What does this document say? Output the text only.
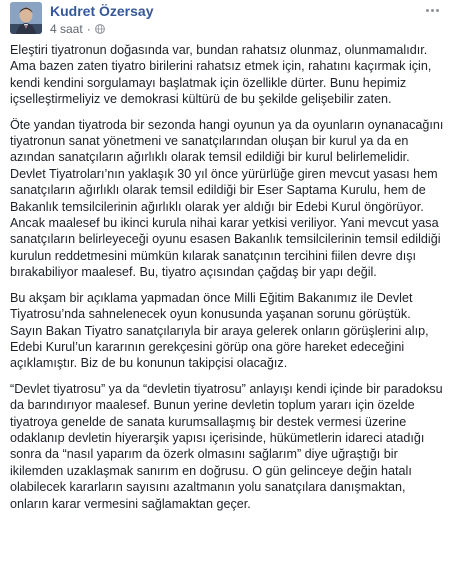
Kudret Özersay
4 saat ·

Eleştiri tiyatronun doğasında var, bundan rahatsız olunmaz, olunmamalıdır. Ama bazen zaten tiyatro birilerini rahatsız etmek için, rahatını kaçırmak için, kendi kendini sorgulamayı başlatmak için özellikle dürter. Bunu hepimiz içselleştirmeliyiz ve demokrasi kültürü de bu şekilde gelişebilir zaten.

Öte yandan tiyatroda bir sezonda hangi oyunun ya da oyunların oynanacağını tiyatronun sanat yönetmeni ve sanatçılarından oluşan bir kurul ya da en azından sanatçıların ağırlıklı olarak temsil edildiği bir kurul belirlemelidir. Devlet Tiyatroları’nın yaklaşık 30 yıl önce yürürlüğe giren mevcut yasası hem sanatçıların ağırlıklı olarak temsil edildiği bir Eser Saptama Kurulu, hem de Bakanlık temsilcilerinin ağırlıklı olarak yer aldığı bir Edebi Kurul öngörüyor. Ancak maalesef bu ikinci kurula nihai karar yetkisi veriliyor. Yani mevcut yasa sanatçıların belirleyeceği oyunu esasen Bakanlık temsilcilerinin temsil edildiği kurulun reddetmesini mümkün kılarak sanatçının tercihini fiilen devre dışı bırakabiliyor maalesef. Bu, tiyatro açısından çağdaş bir yapı değil.

Bu akşam bir açıklama yapmadan önce Milli Eğitim Bakanımız ile Devlet Tiyatrosu’nda sahnelenecek oyun konusunda yaşanan sorunu görüştük. Sayın Bakan Tiyatro sanatçılarıyla bir araya gelerek onların görüşlerini alıp, Edebi Kurul’un kararının gerekçesini görüp ona göre hareket edeceğini açıklamıştır. Biz de bu konunun takipçisi olacağız.

“Devlet tiyatrosu” ya da “devletin tiyatrosu” anlayışı kendi içinde bir paradoksu da barındırıyor maalesef. Bunun yerine devletin toplum yararı için özelde tiyatroya genelde de sanata kurumsallaşmış bir destek vermesi üzerine odaklanıp devletin hiyerarşik yapısı içerisinde, hükümetlerin idareci atadığı sonra da “nasıl yaparım da özerk olmasını sağlarım” diye uğraştığı bir ikilemden uzaklaşmak sanırım en doğrusu. O gün gelinceye değin hatalı olabilecek kararların sayısını azaltmanın yolu sanatçılara danışmaktan, onların karar vermesini sağlamaktan geçer.
